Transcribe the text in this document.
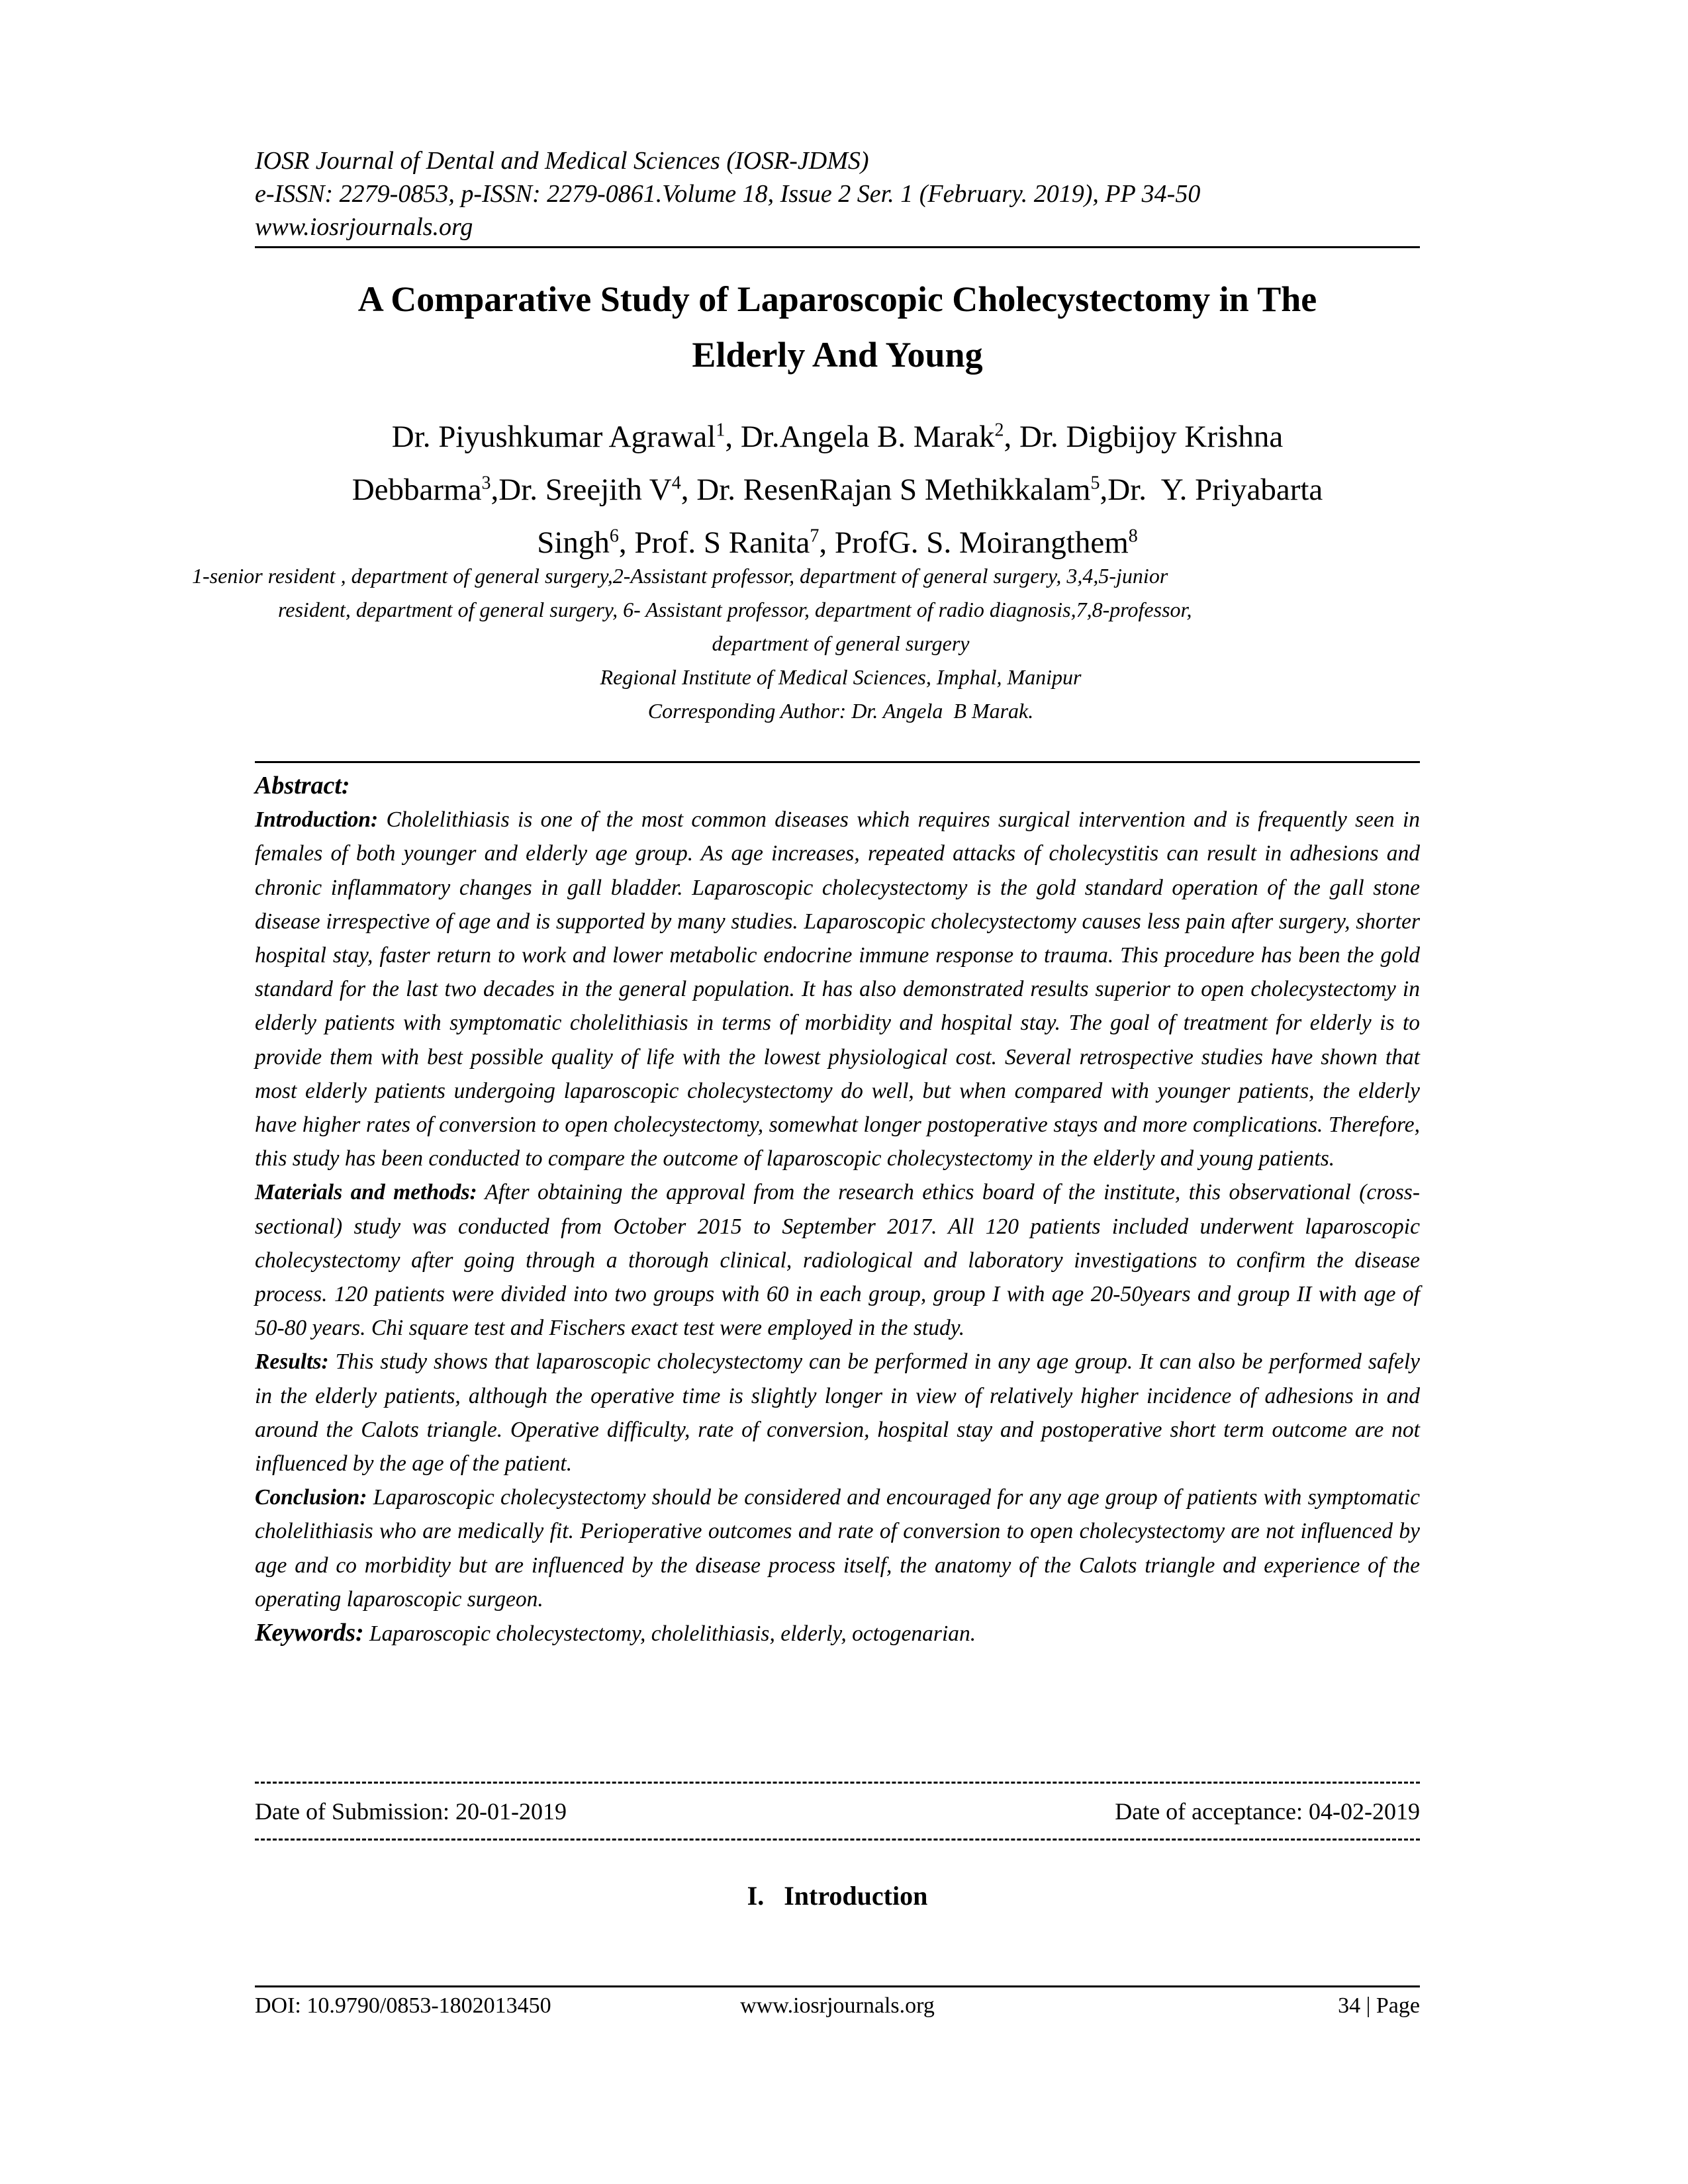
IOSR Journal of Dental and Medical Sciences (IOSR-JDMS)
e-ISSN: 2279-0853, p-ISSN: 2279-0861.Volume 18, Issue 2 Ser. 1 (February. 2019), PP 34-50
www.iosrjournals.org
A Comparative Study of Laparoscopic Cholecystectomy in The
Elderly And Young
Dr. Piyushkumar Agrawal$^1$, Dr.Angela B. Marak$^2$, Dr. Digbijoy Krishna
Debbarma$^3$,Dr. Sreejith $V^4$, Dr. ResenRajan S Methikkalam$^5$,Dr.  Y. Priyabarta
Singh$^6$, Prof. S Ranita$^7$, ProfG. S. Moirangthem$^8$
1-senior resident , department of general surgery,2-Assistant professor, department of general surgery, 3,4,5-junior
resident, department of general surgery, 6- Assistant professor, department of radio diagnosis,7,8-professor,
department of general surgery
Regional Institute of Medical Sciences, Imphal, Manipur
Corresponding Author: Dr. Angela  B Marak.

Abstract:

Introduction: Cholelithiasis is one of the most common diseases which requires surgical intervention and is frequently seen in females of both younger and elderly age group. As age increases, repeated attacks of cholecystitis can result in adhesions and chronic inflammatory changes in gall bladder. Laparoscopic cholecystectomy is the gold standard operation of the gall stone disease irrespective of age and is supported by many studies. Laparoscopic cholecystectomy causes less pain after surgery, shorter hospital stay, faster return to work and lower metabolic endocrine immune response to trauma. This procedure has been the gold standard for the last two decades in the general population. It has also demonstrated results superior to open cholecystectomy in elderly patients with symptomatic cholelithiasis in terms of morbidity and hospital stay. The goal of treatment for elderly is to provide them with best possible quality of life with the lowest physiological cost. Several retrospective studies have shown that most elderly patients undergoing laparoscopic cholecystectomy do well, but when compared with younger patients, the elderly have higher rates of conversion to open cholecystectomy, somewhat longer postoperative stays and more complications. Therefore, this study has been conducted to compare the outcome of laparoscopic cholecystectomy in the elderly and young patients.

Materials and methods: After obtaining the approval from the research ethics board of the institute, this observational (cross-sectional) study was conducted from October 2015 to September 2017. All 120 patients included underwent laparoscopic cholecystectomy after going through a thorough clinical, radiological and laboratory investigations to confirm the disease process. 120 patients were divided into two groups with 60 in each group, group I with age 20-50years and group II with age of 50-80 years. Chi square test and Fischers exact test were employed in the study.

Results: This study shows that laparoscopic cholecystectomy can be performed in any age group. It can also be performed safely in the elderly patients, although the operative time is slightly longer in view of relatively higher incidence of adhesions in and around the Calots triangle. Operative difficulty, rate of conversion, hospital stay and postoperative short term outcome are not influenced by the age of the patient.

Conclusion: Laparoscopic cholecystectomy should be considered and encouraged for any age group of patients with symptomatic cholelithiasis who are medically fit. Perioperative outcomes and rate of conversion to open cholecystectomy are not influenced by age and co morbidity but are influenced by the disease process itself, the anatomy of the Calots triangle and experience of the operating laparoscopic surgeon.

Keywords: Laparoscopic cholecystectomy, cholelithiasis, elderly, octogenarian.

Date of Submission: 20-01-2019	Date of acceptance: 04-02-2019
I. Introduction
DOI: 10.9790/0853-1802013450	www.iosrjournals.org	34 | Page
